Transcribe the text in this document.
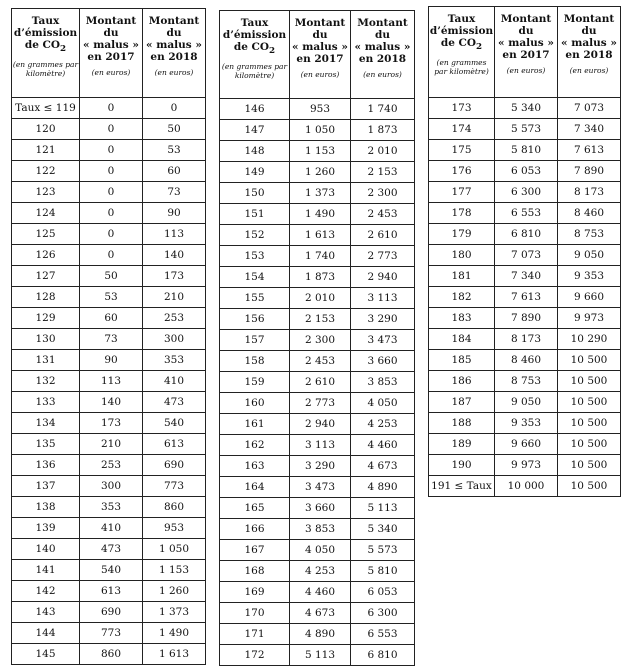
Taux
d’émission
de $CO_2$
(en grammes par kilomètre)	Montant
du
« malus »
en 2017
(en euros)	Montant
du
« malus »
en 2018
(en euros)

Taux ≤ 119	0	0
120	0	50
121	0	53
122	0	60
123	0	73
124	0	90
125	0	113
126	0	140
127	50	173
128	53	210
129	60	253
130	73	300
131	90	353
132	113	410
133	140	473
134	173	540
135	210	613
136	253	690
137	300	773
138	353	860
139	410	953
140	473	1 050
141	540	1 153
142	613	1 260
143	690	1 373
144	773	1 490
145	860	1 613
Taux
d’émission
de $CO_2$
(en grammes par kilomètre)	Montant
du
« malus »
en 2017
(en euros)	Montant
du
« malus »
en 2018
(en euros)

146	953	1 740
147	1 050	1 873
148	1 153	2 010
149	1 260	2 153
150	1 373	2 300
151	1 490	2 453
152	1 613	2 610
153	1 740	2 773
154	1 873	2 940
155	2 010	3 113
156	2 153	3 290
157	2 300	3 473
158	2 453	3 660
159	2 610	3 853
160	2 773	4 050
161	2 940	4 253
162	3 113	4 460
163	3 290	4 673
164	3 473	4 890
165	3 660	5 113
166	3 853	5 340
167	4 050	5 573
168	4 253	5 810
169	4 460	6 053
170	4 673	6 300
171	4 890	6 553
172	5 113	6 810
Taux
d’émission
de $CO_2$
(en grammes par kilomètre)	Montant
du
« malus »
en 2017
(en euros)	Montant
du
« malus »
en 2018
(en euros)

173	5 340	7 073
174	5 573	7 340
175	5 810	7 613
176	6 053	7 890
177	6 300	8 173
178	6 553	8 460
179	6 810	8 753
180	7 073	9 050
181	7 340	9 353
182	7 613	9 660
183	7 890	9 973
184	8 173	10 290
185	8 460	10 500
186	8 753	10 500
187	9 050	10 500
188	9 353	10 500
189	9 660	10 500
190	9 973	10 500
191 ≤ Taux	10 000	10 500
